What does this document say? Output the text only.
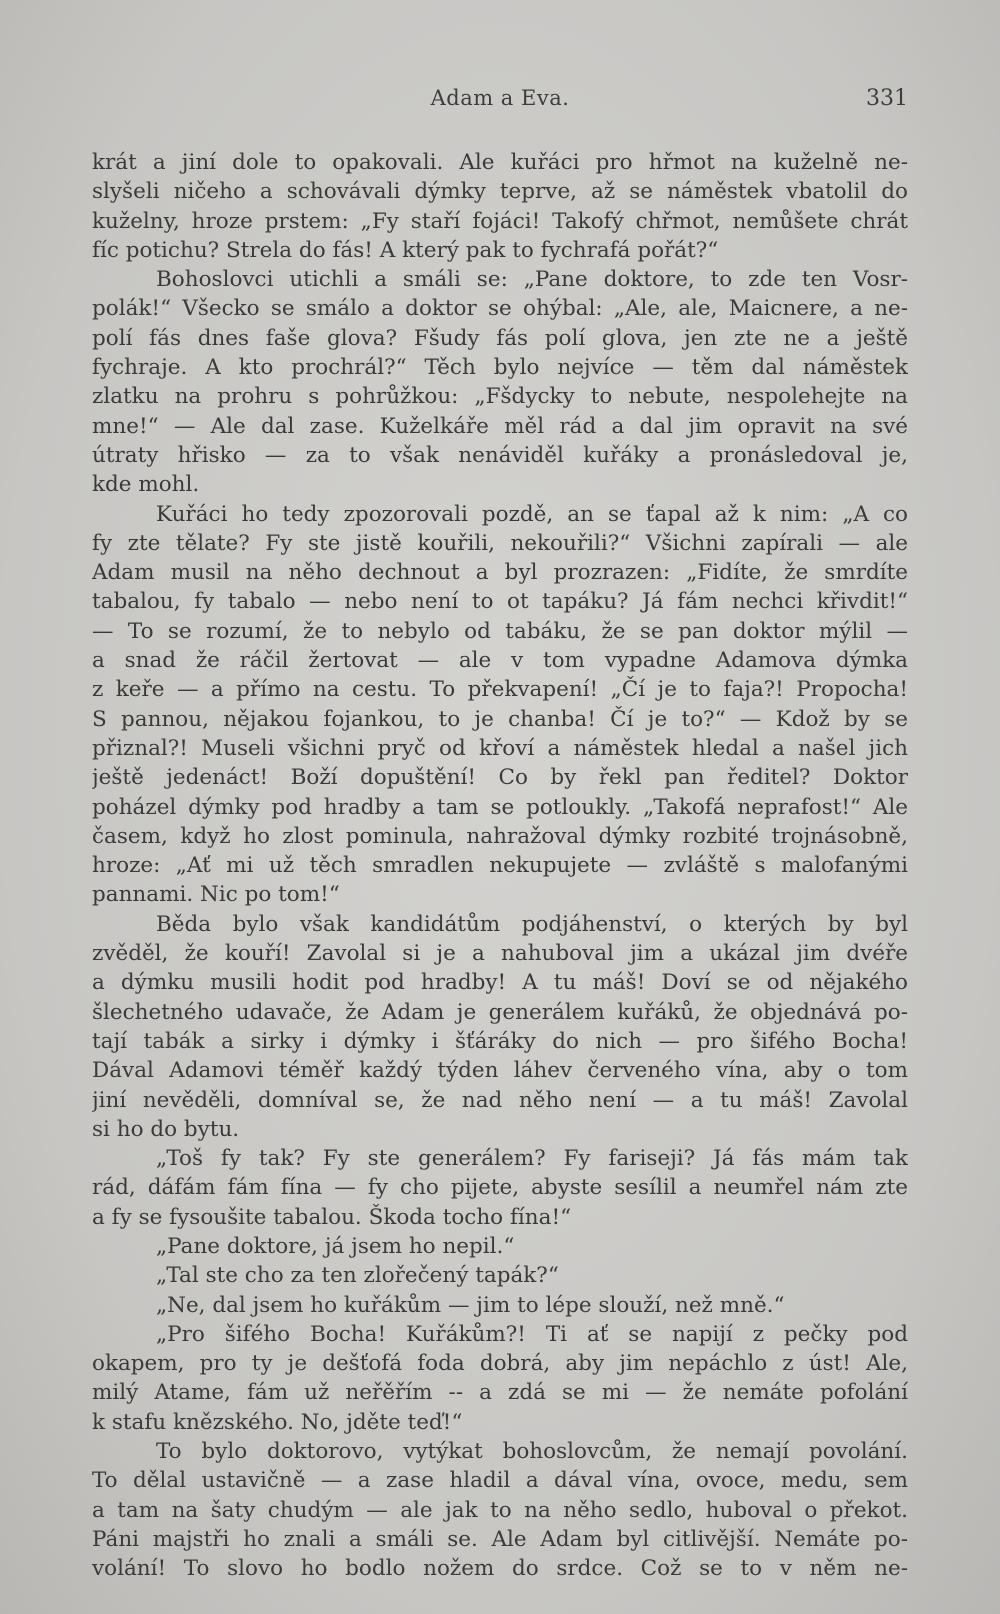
Adam a Eva.	331
krát a jiní dole to opakovali. Ale kuřáci pro hřmot na kuželně ne-
slyšeli ničeho a schovávali dýmky teprve, až se náměstek vbatolil do
kuželny, hroze prstem: „Fy staří fojáci! Takofý chřmot, nemůšete chrát
fíc potichu? Strela do fás! A který pak to fychrafá pořát?“
Bohoslovci utichli a smáli se: „Pane doktore, to zde ten Vosr-
polák!“ Všecko se smálo a doktor se ohýbal: „Ale, ale, Maicnere, a ne-
polí fás dnes faše glova? Fšudy fás polí glova, jen zte ne a ještě
fychraje. A kto prochrál?“ Těch bylo nejvíce — těm dal náměstek
zlatku na prohru s pohrůžkou: „Fšdycky to nebute, nespolehejte na
mne!“ — Ale dal zase. Kuželkáře měl rád a dal jim opravit na své
útraty hřisko — za to však nenáviděl kuřáky a pronásledoval je,
kde mohl.
Kuřáci ho tedy zpozorovali pozdě, an se ťapal až k nim: „A co
fy zte tělate? Fy ste jistě kouřili, nekouřili?“ Všichni zapírali — ale
Adam musil na něho dechnout a byl prozrazen: „Fidíte, že smrdíte
tabalou, fy tabalo — nebo není to ot tapáku? Já fám nechci křivdit!“
— To se rozumí, že to nebylo od tabáku, že se pan doktor mýlil —
a snad že ráčil žertovat — ale v tom vypadne Adamova dýmka
z keře — a přímo na cestu. To překvapení! „Čí je to faja?! Propocha!
S pannou, nějakou fojankou, to je chanba! Čí je to?“ — Kdož by se
přiznal?! Museli všichni pryč od křoví a náměstek hledal a našel jich
ještě jedenáct! Boží dopuštění! Co by řekl pan ředitel? Doktor
poházel dýmky pod hradby a tam se potloukly. „Takofá neprafost!“ Ale
časem, když ho zlost pominula, nahražoval dýmky rozbité trojnásobně,
hroze: „Ať mi už těch smradlen nekupujete — zvláště s malofanými
pannami. Nic po tom!“
Běda bylo však kandidátům podjáhenství, o kterých by byl
zvěděl, že kouří! Zavolal si je a nahuboval jim a ukázal jim dvéře
a dýmku musili hodit pod hradby! A tu máš! Doví se od nějakého
šlechetného udavače, že Adam je generálem kuřáků, že objednává po-
tají tabák a sirky i dýmky i šťáráky do nich — pro šifého Bocha!
Dával Adamovi téměř každý týden láhev červeného vína, aby o tom
jiní nevěděli, domníval se, že nad něho není — a tu máš! Zavolal
si ho do bytu.
„Toš fy tak? Fy ste generálem? Fy fariseji? Já fás mám tak
rád, dáfám fám fína — fy cho pijete, abyste sesílil a neumřel nám zte
a fy se fysoušite tabalou. Škoda tocho fína!“
„Pane doktore, já jsem ho nepil.“
„Tal ste cho za ten zlořečený tapák?“
„Ne, dal jsem ho kuřákům — jim to lépe slouží, než mně.“
„Pro šifého Bocha! Kuřákům?! Ti ať se napijí z pečky pod
okapem, pro ty je dešťofá foda dobrá, aby jim nepáchlo z úst! Ale,
milý Atame, fám už neřěřím -- a zdá se mi — že nemáte pofolání
k stafu knězského. No, jděte teď!“
To bylo doktorovo, vytýkat bohoslovcům, že nemají povolání.
To dělal ustavičně — a zase hladil a dával vína, ovoce, medu, sem
a tam na šaty chudým — ale jak to na něho sedlo, huboval o překot.
Páni majstři ho znali a smáli se. Ale Adam byl citlivější. Nemáte po-
volání! To slovo ho bodlo nožem do srdce. Což se to v něm ne-
